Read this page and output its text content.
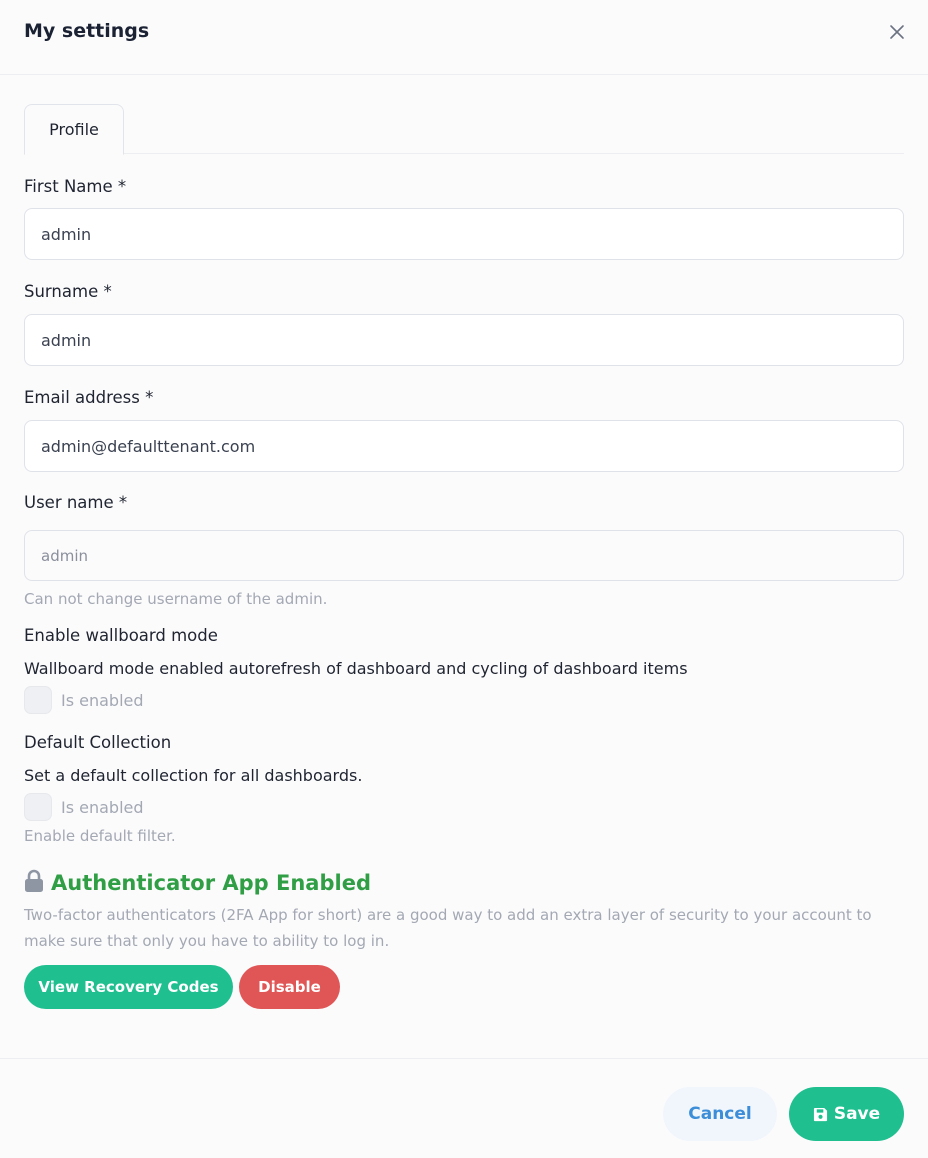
My settings
Profile
First Name *
admin
Surname *
admin
Email address *
admin@defaulttenant.com
User name *
admin
Can not change username of the admin.
Enable wallboard mode
Wallboard mode enabled autorefresh of dashboard and cycling of dashboard items
Is enabled
Default Collection
Set a default collection for all dashboards.
Is enabled
Enable default filter.
Authenticator App Enabled
Two-factor authenticators (2FA App for short) are a good way to add an extra layer of security to your account to make sure that only you have to ability to log in.
View Recovery Codes	Disable
Cancel	Save
